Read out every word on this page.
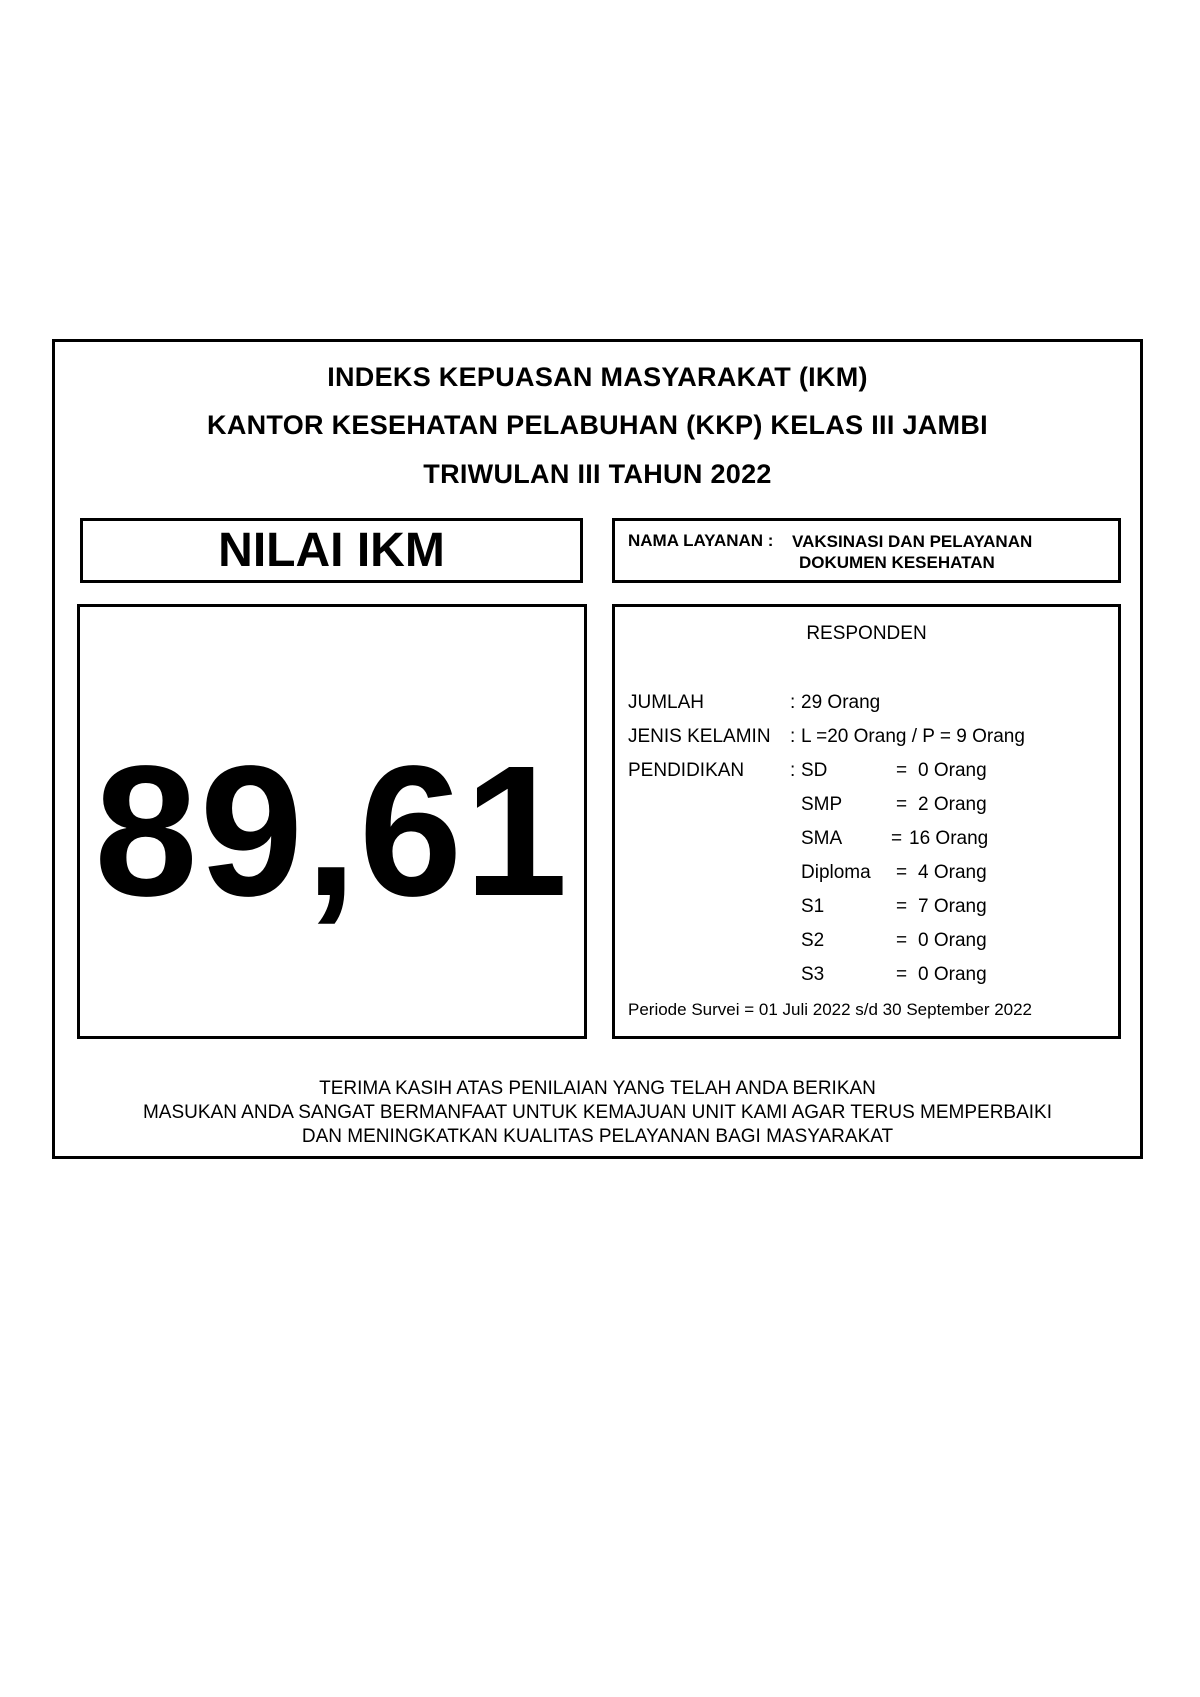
INDEKS KEPUASAN MASYARAKAT (IKM)
KANTOR KESEHATAN PELABUHAN (KKP) KELAS III JAMBI
TRIWULAN III TAHUN 2022
NILAI IKM	NAMA LAYANAN : VAKSINASI DAN PELAYANAN
DOKUMEN KESEHATAN
89,61
RESPONDEN
JUMLAH	: 29 Orang
JENIS KELAMIN : L =20 Orang / P = 9 Orang
PENDIDIKAN : SD	= 0 Orang
SMP	= 2 Orang
SMA	= 16 Orang
Diploma = 4 Orang
S1	= 7 Orang
S2	= 0 Orang
S3	= 0 Orang
Periode Survei = 01 Juli 2022 s/d 30 September 2022
TERIMA KASIH ATAS PENILAIAN YANG TELAH ANDA BERIKAN
MASUKAN ANDA SANGAT BERMANFAAT UNTUK KEMAJUAN UNIT KAMI AGAR TERUS MEMPERBAIKI
DAN MENINGKATKAN KUALITAS PELAYANAN BAGI MASYARAKAT
